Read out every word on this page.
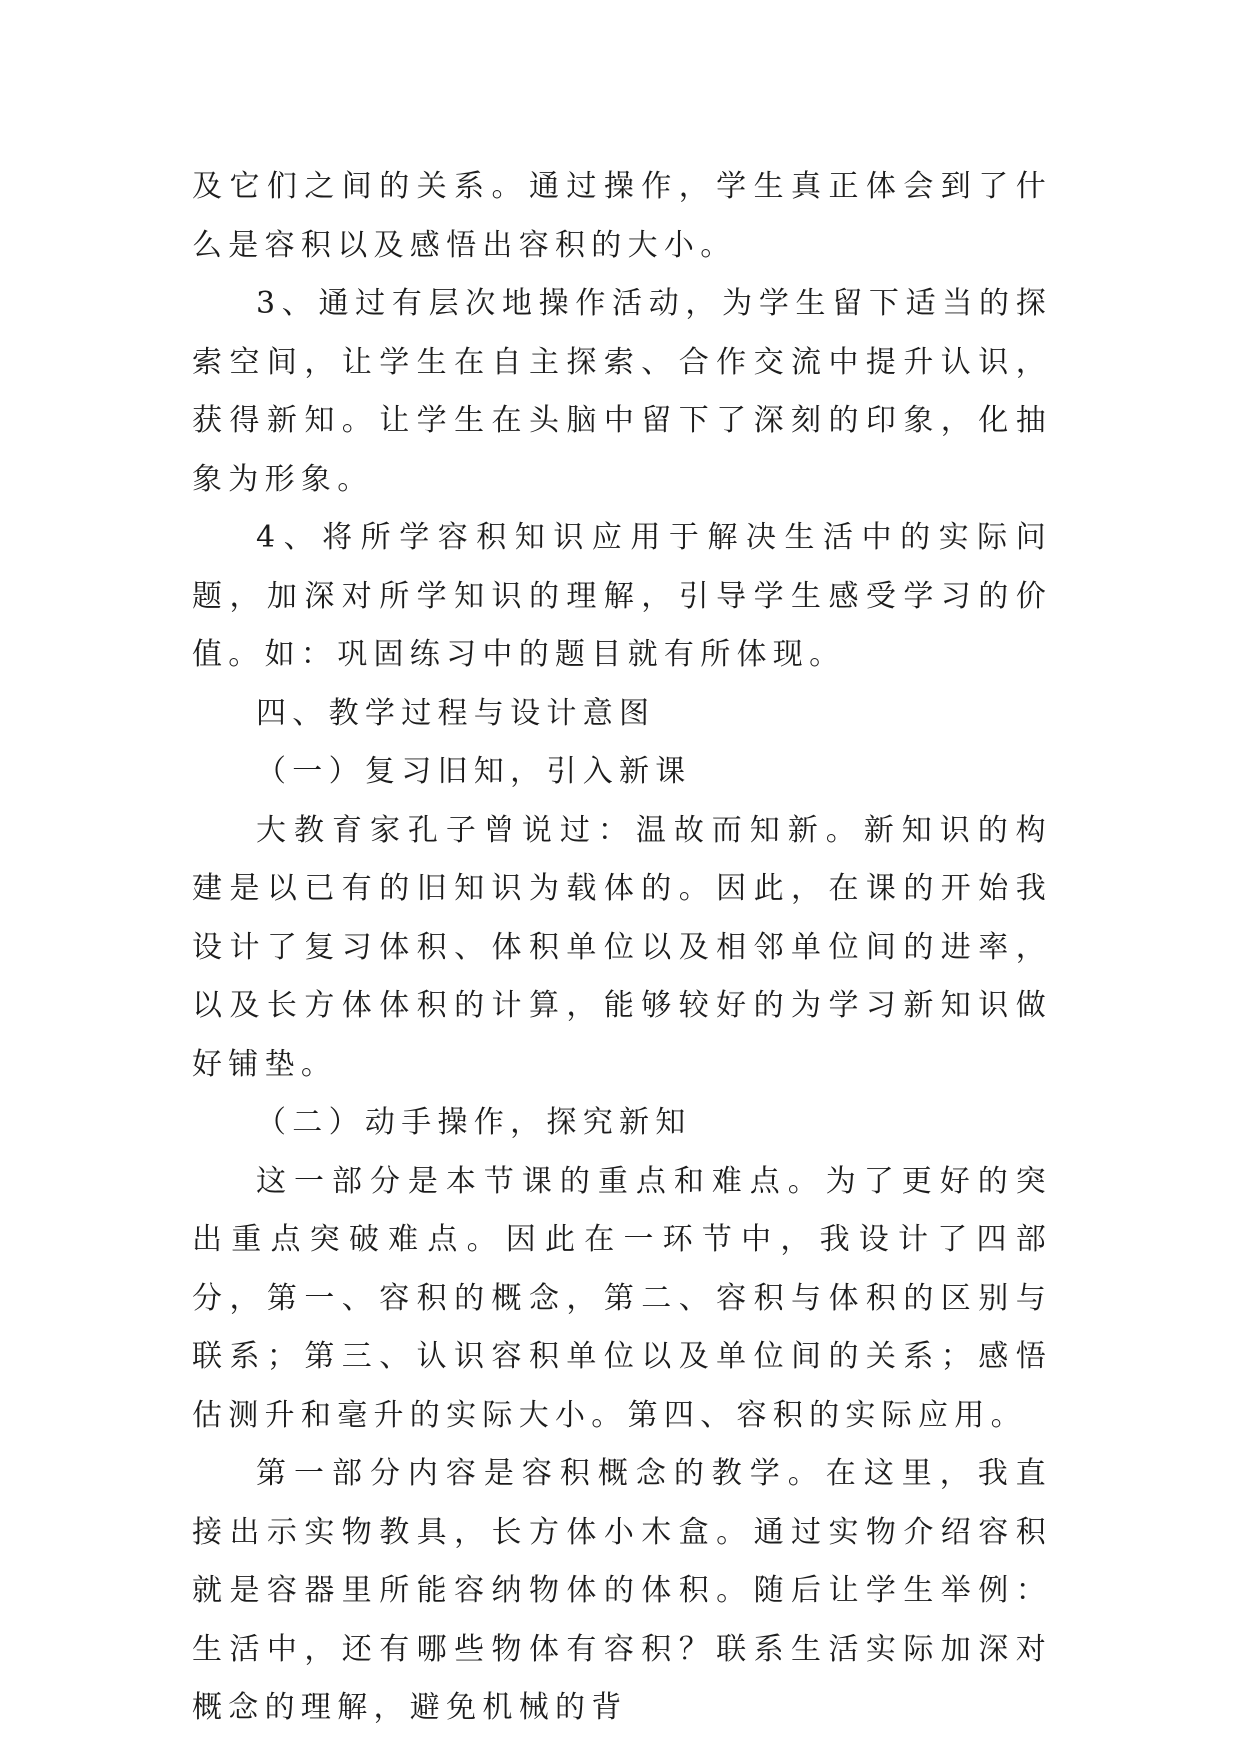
及它们之间的关系。通过操作，学生真正体会到了什么是容积以及感悟出容积的大小。

3、通过有层次地操作活动，为学生留下适当的探索空间，让学生在自主探索、合作交流中提升认识，获得新知。让学生在头脑中留下了深刻的印象，化抽象为形象。

4、将所学容积知识应用于解决生活中的实际问题，加深对所学知识的理解，引导学生感受学习的价值。如：巩固练习中的题目就有所体现。

四、教学过程与设计意图

（一）复习旧知，引入新课

大教育家孔子曾说过：温故而知新。新知识的构建是以已有的旧知识为载体的。因此，在课的开始我设计了复习体积、体积单位以及相邻单位间的进率，以及长方体体积的计算，能够较好的为学习新知识做好铺垫。

（二）动手操作，探究新知

这一部分是本节课的重点和难点。为了更好的突出重点突破难点。因此在一环节中，我设计了四部分，第一、容积的概念，第二、容积与体积的区别与联系；第三、认识容积单位以及单位间的关系；感悟估测升和毫升的实际大小。第四、容积的实际应用。

第一部分内容是容积概念的教学。在这里，我直接出示实物教具，长方体小木盒。通过实物介绍容积就是容器里所能容纳物体的体积。随后让学生举例：生活中，还有哪些物体有容积？联系生活实际加深对概念的理解，避免机械的背
